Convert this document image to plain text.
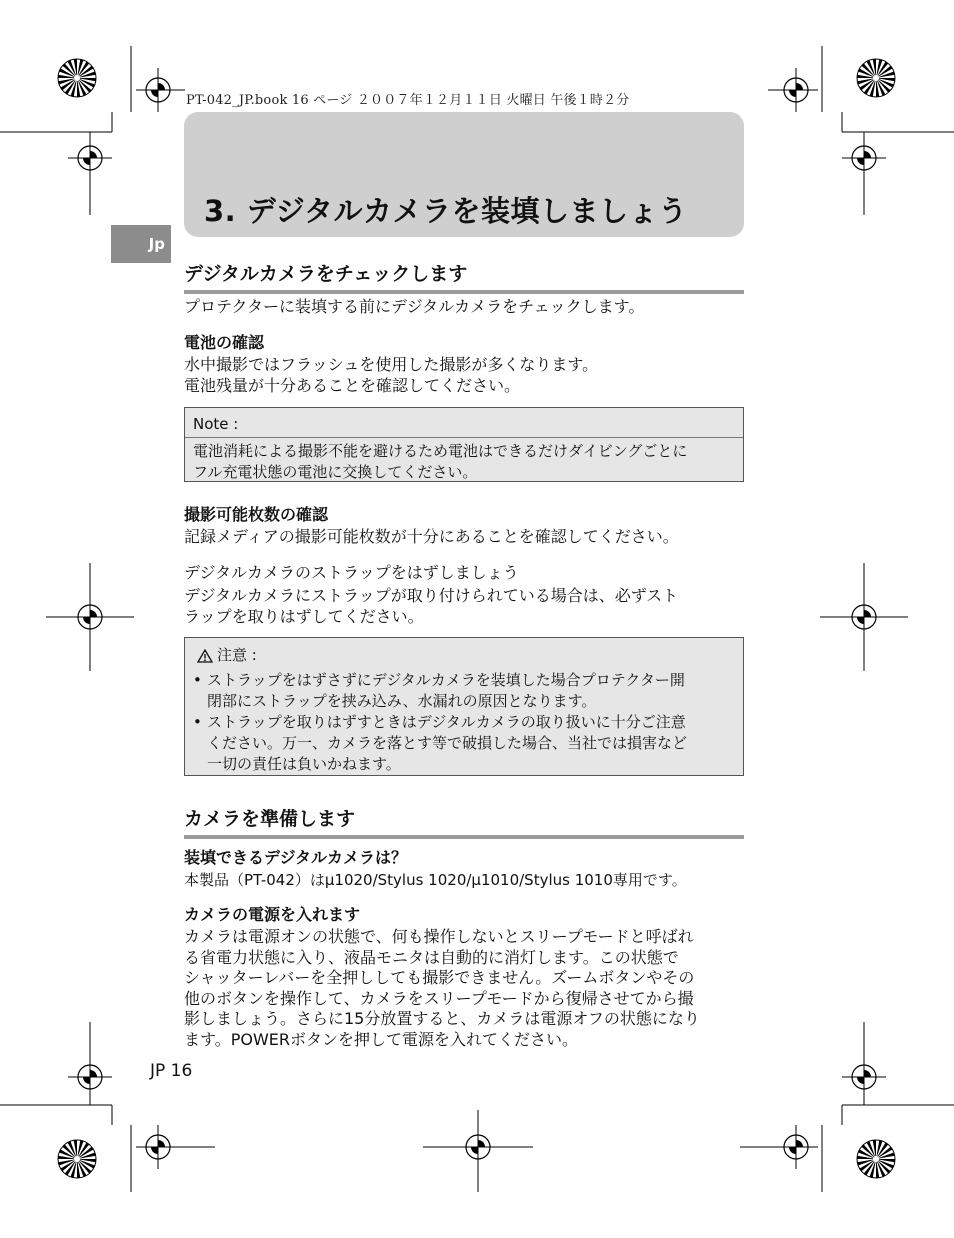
PT-042_JP.book 16 ページ ２００７年１２月１１日 火曜日 午後１時２分
3. デジタルカメラを装填しましょう
Jp
デジタルカメラをチェックします

プロテクターに装填する前にデジタルカメラをチェックします。

電池の確認

水中撮影ではフラッシュを使用した撮影が多くなります。

電池残量が十分あることを確認してください。

Note :

電池消耗による撮影不能を避けるため電池はできるだけダイビングごとに

フル充電状態の電池に交換してください。

撮影可能枚数の確認

記録メディアの撮影可能枚数が十分にあることを確認してください。

デジタルカメラのストラップをはずしましょう

デジタルカメラにストラップが取り付けられている場合は、必ずスト

ラップを取りはずしてください。

注意 :
• ストラップをはずさずにデジタルカメラを装填した場合プロテクター開
閉部にストラップを挟み込み、水漏れの原因となります。
• ストラップを取りはずすときはデジタルカメラの取り扱いに十分ご注意
ください。万一、カメラを落とす等で破損した場合、当社では損害など
一切の責任は負いかねます。
カメラを準備します
装填できるデジタルカメラは？

本製品（PT-042）はμ1020/Stylus 1020/μ1010/Stylus 1010専用です。

カメラの電源を入れます

カメラは電源オンの状態で、何も操作しないとスリープモードと呼ばれ

る省電力状態に入り、液晶モニタは自動的に消灯します。この状態で

シャッターレバーを全押ししても撮影できません。ズームボタンやその

他のボタンを操作して、カメラをスリープモードから復帰させてから撮

影しましょう。さらに15分放置すると、カメラは電源オフの状態になり

ます。POWERボタンを押して電源を入れてください。

JP 16
